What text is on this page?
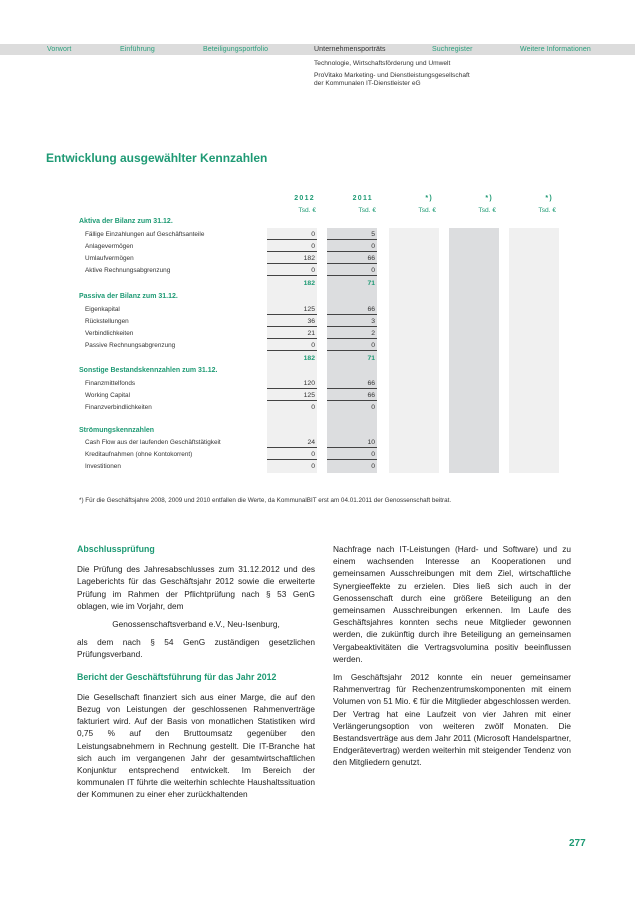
Vorwort	Einführung	Beteiligungsportfolio	Unternehmensporträts	Suchregister	Weitere Informationen
Technologie, Wirtschaftsförderung und Umwelt
ProVitako Marketing- und Dienstleistungsgesellschaft
der Kommunalen IT-Dienstleister eG
Entwicklung ausgewählter Kennzahlen
2012	2011	*)	*)	*)
Tsd. €	Tsd. €	Tsd. €	Tsd. €	Tsd. €
Aktiva der Bilanz zum 31.12.
Fällige Einzahlungen auf Geschäftsanteile	0	5
Anlagevermögen	0	0
Umlaufvermögen	182	66
Aktive Rechnungsabgrenzung	0	0
182	71
Passiva der Bilanz zum 31.12.
Eigenkapital	125	66
Rückstellungen	36	3
Verbindlichkeiten	21	2
Passive Rechnungsabgrenzung	0	0
182	71
Sonstige Bestandskennzahlen zum 31.12.
Finanzmittelfonds	120	66
Working Capital	125	66
Finanzverbindlichkeiten	0	0
Strömungskennzahlen
Cash Flow aus der laufenden Geschäftstätigkeit	24	10
Kreditaufnahmen (ohne Kontokorrent)	0	0
Investitionen	0	0
*) Für die Geschäftsjahre 2008, 2009 und 2010 entfallen die Werte, da KommunalBIT erst am 04.01.2011 der Genossenschaft beitrat.
Abschlussprüfung

Die Prüfung des Jahresabschlusses zum 31.12.2012 und des Lageberichts für das Geschäftsjahr 2012 sowie die erweiterte Prüfung im Rahmen der Pflichtprüfung nach § 53 GenG oblagen, wie im Vorjahr, dem

Genossenschaftsverband e.V., Neu-Isenburg,

als dem nach § 54 GenG zuständigen gesetzlichen Prüfungsverband.

Bericht der Geschäftsführung für das Jahr 2012

Die Gesellschaft finanziert sich aus einer Marge, die auf den Bezug von Leistungen der geschlossenen Rahmenverträge fakturiert wird. Auf der Basis von monatlichen Statistiken wird 0,75 % auf den Bruttoumsatz gegenüber den Leistungsabnehmern in Rechnung gestellt. Die IT-Branche hat sich auch im vergangenen Jahr der gesamtwirtschaftlichen Konjunktur entsprechend entwickelt. Im Bereich der kommunalen IT führte die weiterhin schlechte Haushaltssituation der Kommunen zu einer eher zurückhaltenden

Nachfrage nach IT-Leistungen (Hard- und Software) und zu einem wachsenden Interesse an Kooperationen und gemeinsamen Ausschreibungen mit dem Ziel, wirtschaftliche Synergieeffekte zu erzielen. Dies ließ sich auch in der Genossenschaft durch eine größere Beteiligung an den gemeinsamen Ausschreibungen erkennen. Im Laufe des Geschäftsjahres konnten sechs neue Mitglieder gewonnen werden, die zukünftig durch ihre Beteiligung an gemeinsamen Vergabeaktivitäten die Vertragsvolumina positiv beeinflussen werden.

Im Geschäftsjahr 2012 konnte ein neuer gemeinsamer Rahmenvertrag für Rechenzentrumskomponenten mit einem Volumen von 51 Mio. € für die Mitglieder abgeschlossen werden. Der Vertrag hat eine Laufzeit von vier Jahren mit einer Verlängerungsoption von weiteren zwölf Monaten. Die Bestandsverträge aus dem Jahr 2011 (Microsoft Handelspartner, Endgerätevertrag) werden weiterhin mit steigender Tendenz von den Mitgliedern genutzt.

277
